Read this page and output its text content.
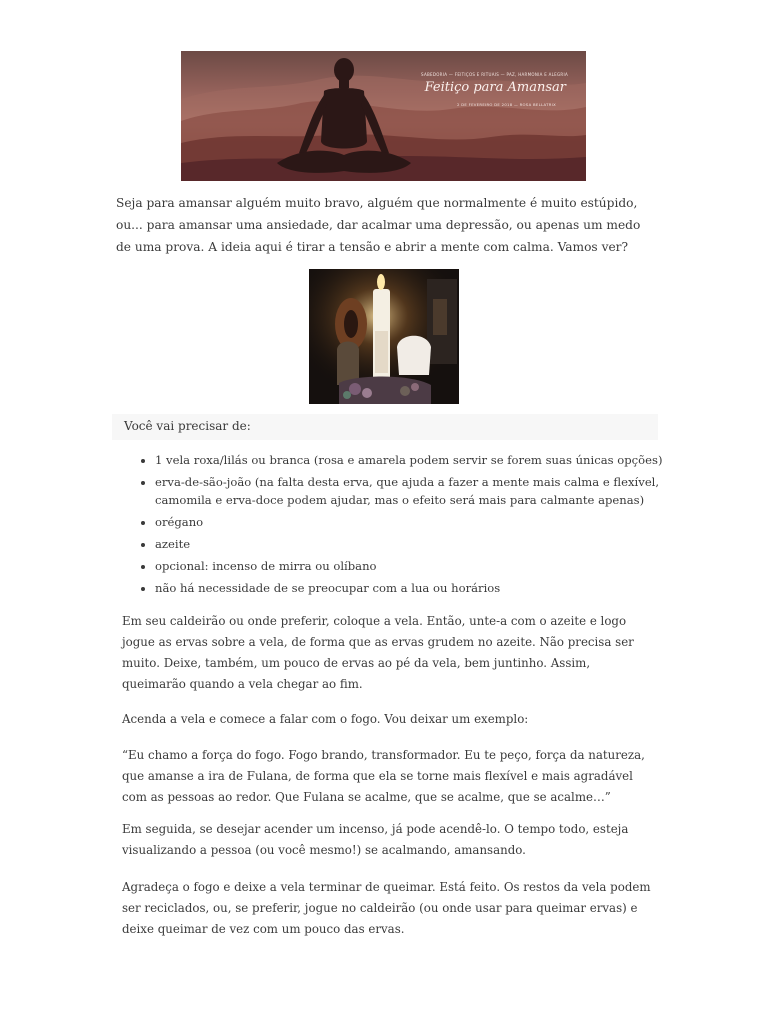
SABEDORIA — FEITIÇOS E RITUAIS — PAZ, HARMONIA E ALEGRIA
Feitiço para Amansar
2 DE FEVEREIRO DE 2018 — ROSA BELLATRIX

Seja para amansar alguém muito bravo, alguém que normalmente é muito estúpido, ou... para amansar uma ansiedade, dar acalmar uma depressão, ou apenas um medo de uma prova. A ideia aqui é tirar a tensão e abrir a mente com calma. Vamos ver?

Você vai precisar de:

• 1 vela roxa/lilás ou branca (rosa e amarela podem servir se forem suas únicas opções)
• erva-de-são-joão (na falta desta erva, que ajuda a fazer a mente mais calma e flexível, camomila e erva-doce podem ajudar, mas o efeito será mais para calmante apenas)
• orégano
• azeite
• opcional: incenso de mirra ou olíbano
• não há necessidade de se preocupar com a lua ou horários

Em seu caldeirão ou onde preferir, coloque a vela. Então, unte-a com o azeite e logo jogue as ervas sobre a vela, de forma que as ervas grudem no azeite. Não precisa ser muito. Deixe, também, um pouco de ervas ao pé da vela, bem juntinho. Assim, queimarão quando a vela chegar ao fim.

Acenda a vela e comece a falar com o fogo. Vou deixar um exemplo:

“Eu chamo a força do fogo. Fogo brando, transformador. Eu te peço, força da natureza, que amanse a ira de Fulana, de forma que ela se torne mais flexível e mais agradável com as pessoas ao redor. Que Fulana se acalme, que se acalme, que se acalme…”

Em seguida, se desejar acender um incenso, já pode acendê-lo. O tempo todo, esteja visualizando a pessoa (ou você mesmo!) se acalmando, amansando.

Agradeça o fogo e deixe a vela terminar de queimar. Está feito. Os restos da vela podem ser reciclados, ou, se preferir, jogue no caldeirão (ou onde usar para queimar ervas) e deixe queimar de vez com um pouco das ervas.
